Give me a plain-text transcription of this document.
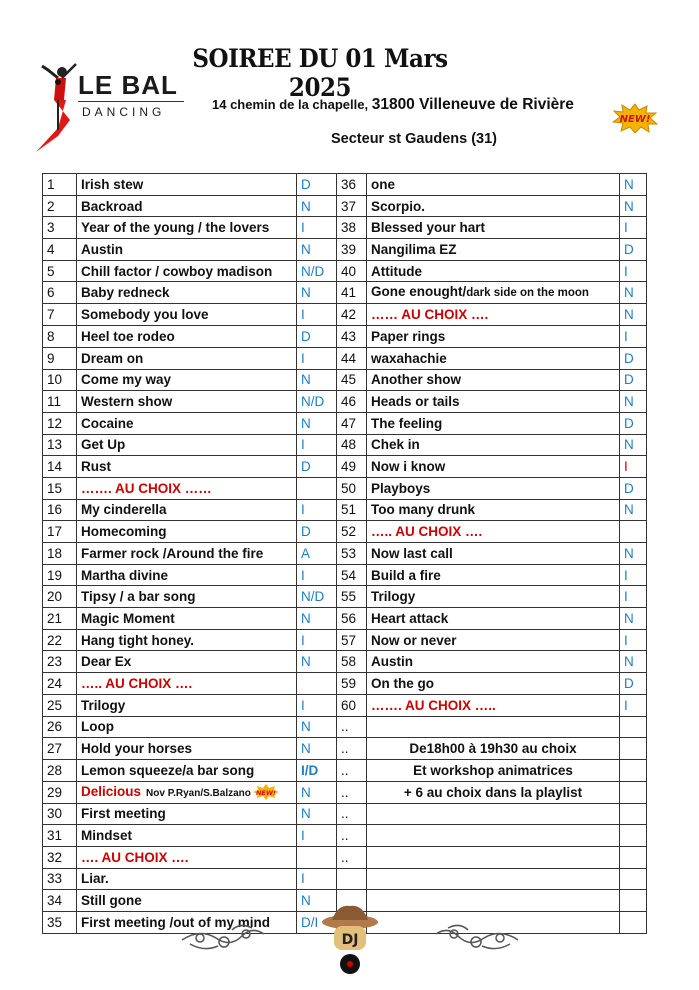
SOIREE DU 01 Mars 2025
LE BAL
DANCING	14 chemin de la chapelle, 31800 Villeneuve de Rivière
Secteur st Gaudens (31)
NEW!
1	Irish stew	D	36	one	N
2	Backroad	N	37	Scorpio.	N
3	Year of the young / the lovers	I	38	Blessed your hart	I
4	Austin	N	39	Nangilima EZ	D
5	Chill factor / cowboy madison	N/D	40	Attitude	I
6	Baby redneck	N	41	Gone enought/dark side on the moon	N
7	Somebody you love	I	42	…… AU CHOIX ….	N
8	Heel toe rodeo	D	43	Paper rings	I
9	Dream on	I	44	waxahachie	D
10	Come my way	N	45	Another show	D
11	Western show	N/D	46	Heads or tails	N
12	Cocaine	N	47	The feeling	D
13	Get Up	I	48	Chek in	N
14	Rust	D	49	Now i know	I
15	……. AU CHOIX ……		50	Playboys	D
16	My cinderella	I	51	Too many drunk	N
17	Homecoming	D	52	….. AU CHOIX ….	
18	Farmer rock /Around the fire	A	53	Now last call	N
19	Martha divine	I	54	Build a fire	I
20	Tipsy / a bar song	N/D	55	Trilogy	I
21	Magic Moment	N	56	Heart attack	N
22	Hang tight honey.	I	57	Now or never	I
23	Dear Ex	N	58	Austin	N
24	….. AU CHOIX ….		59	On the go	D
25	Trilogy	I	60	……. AU CHOIX …..	I
26	Loop	N	..		
27	Hold your horses	N	..	De18h00 à 19h30 au choix	
28	Lemon squeeze/a bar song	I/D	..	Et workshop animatrices	
29	Delicious Nov P.Ryan/S.Balzano NEW!	N	..	+ 6 au choix dans la playlist	
30	First meeting	N	..		
31	Mindset	I	..		
32	…. AU CHOIX ….		..		
33	Liar.	I			
34	Still gone	N			
35	First meeting /out of my mind	D/I			
DJ
